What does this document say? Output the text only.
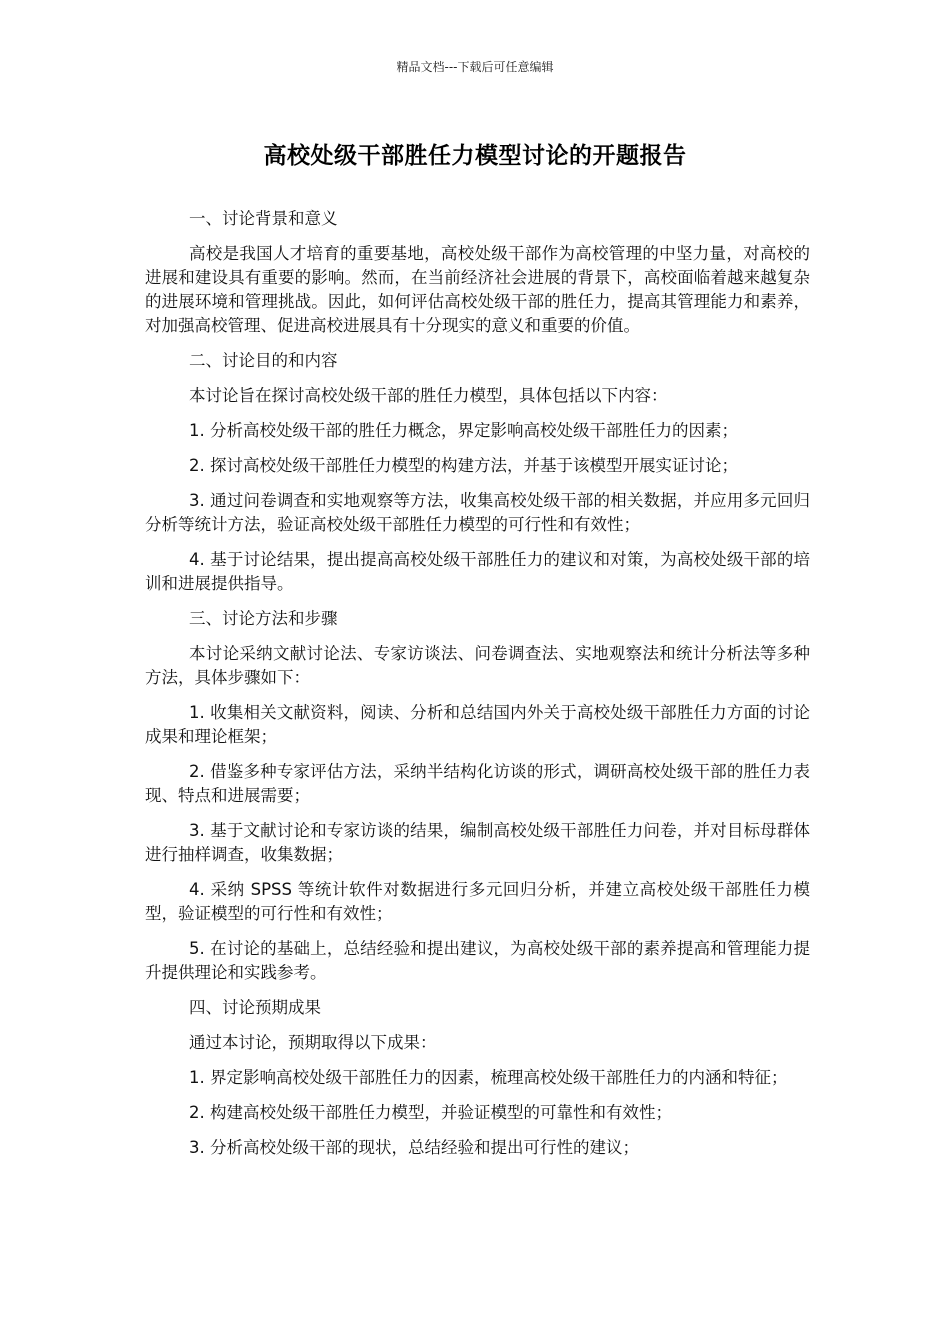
精品文档---下载后可任意编辑
高校处级干部胜任力模型讨论的开题报告

一、讨论背景和意义

高校是我国人才培育的重要基地，高校处级干部作为高校管理的中坚力量，对高校的进展和建设具有重要的影响。然而，在当前经济社会进展的背景下，高校面临着越来越复杂的进展环境和管理挑战。因此，如何评估高校处级干部的胜任力，提高其管理能力和素养，对加强高校管理、促进高校进展具有十分现实的意义和重要的价值。

二、讨论目的和内容

本讨论旨在探讨高校处级干部的胜任力模型，具体包括以下内容：

1. 分析高校处级干部的胜任力概念，界定影响高校处级干部胜任力的因素；

2. 探讨高校处级干部胜任力模型的构建方法，并基于该模型开展实证讨论；

3. 通过问卷调查和实地观察等方法，收集高校处级干部的相关数据，并应用多元回归分析等统计方法，验证高校处级干部胜任力模型的可行性和有效性；

4. 基于讨论结果，提出提高高校处级干部胜任力的建议和对策，为高校处级干部的培训和进展提供指导。

三、讨论方法和步骤

本讨论采纳文献讨论法、专家访谈法、问卷调查法、实地观察法和统计分析法等多种方法，具体步骤如下：

1. 收集相关文献资料，阅读、分析和总结国内外关于高校处级干部胜任力方面的讨论成果和理论框架；

2. 借鉴多种专家评估方法，采纳半结构化访谈的形式，调研高校处级干部的胜任力表现、特点和进展需要；

3. 基于文献讨论和专家访谈的结果，编制高校处级干部胜任力问卷，并对目标母群体进行抽样调查，收集数据；

4. 采纳 SPSS 等统计软件对数据进行多元回归分析，并建立高校处级干部胜任力模型，验证模型的可行性和有效性；

5. 在讨论的基础上，总结经验和提出建议，为高校处级干部的素养提高和管理能力提升提供理论和实践参考。

四、讨论预期成果

通过本讨论，预期取得以下成果：

1. 界定影响高校处级干部胜任力的因素，梳理高校处级干部胜任力的内涵和特征；

2. 构建高校处级干部胜任力模型，并验证模型的可靠性和有效性；

3. 分析高校处级干部的现状，总结经验和提出可行性的建议；
